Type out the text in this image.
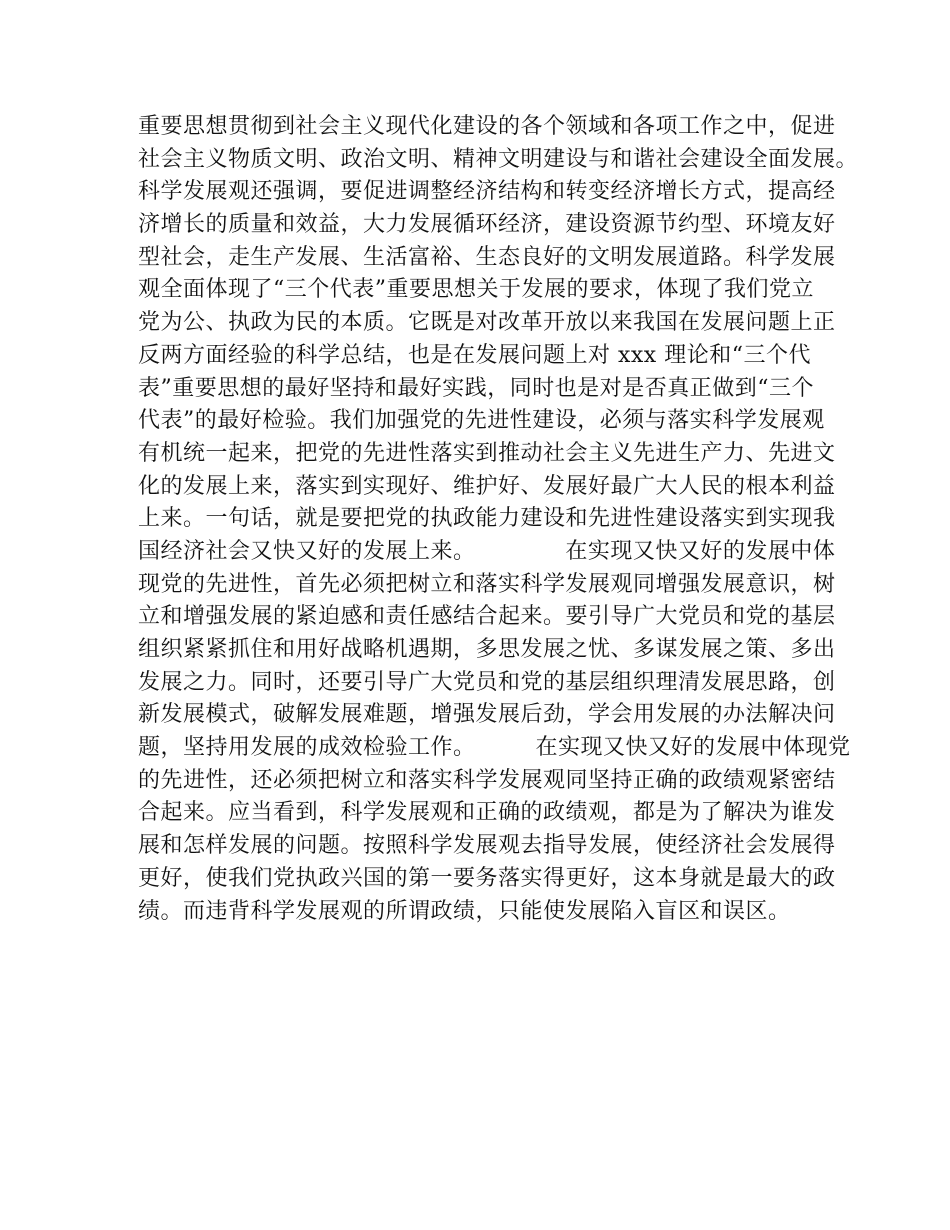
重要思想贯彻到社会主义现代化建设的各个领域和各项工作之中，促进
社会主义物质文明、政治文明、精神文明建设与和谐社会建设全面发展。
科学发展观还强调，要促进调整经济结构和转变经济增长方式，提高经
济增长的质量和效益，大力发展循环经济，建设资源节约型、环境友好
型社会，走生产发展、生活富裕、生态良好的文明发展道路。科学发展
观全面体现了“三个代表”重要思想关于发展的要求，体现了我们党立
党为公、执政为民的本质。它既是对改革开放以来我国在发展问题上正
反两方面经验的科学总结，也是在发展问题上对 xxx 理论和“三个代
表”重要思想的最好坚持和最好实践，同时也是对是否真正做到“三个
代表”的最好检验。我们加强党的先进性建设，必须与落实科学发展观
有机统一起来，把党的先进性落实到推动社会主义先进生产力、先进文
化的发展上来，落实到实现好、维护好、发展好最广大人民的根本利益
上来。一句话，就是要把党的执政能力建设和先进性建设落实到实现我
国经济社会又快又好的发展上来。            在实现又快又好的发展中体
现党的先进性，首先必须把树立和落实科学发展观同增强发展意识，树
立和增强发展的紧迫感和责任感结合起来。要引导广大党员和党的基层
组织紧紧抓住和用好战略机遇期，多思发展之忧、多谋发展之策、多出
发展之力。同时，还要引导广大党员和党的基层组织理清发展思路，创
新发展模式，破解发展难题，增强发展后劲，学会用发展的办法解决问
题，坚持用发展的成效检验工作。        在实现又快又好的发展中体现党
的先进性，还必须把树立和落实科学发展观同坚持正确的政绩观紧密结
合起来。应当看到，科学发展观和正确的政绩观，都是为了解决为谁发
展和怎样发展的问题。按照科学发展观去指导发展，使经济社会发展得
更好，使我们党执政兴国的第一要务落实得更好，这本身就是最大的政
绩。而违背科学发展观的所谓政绩，只能使发展陷入盲区和误区。
